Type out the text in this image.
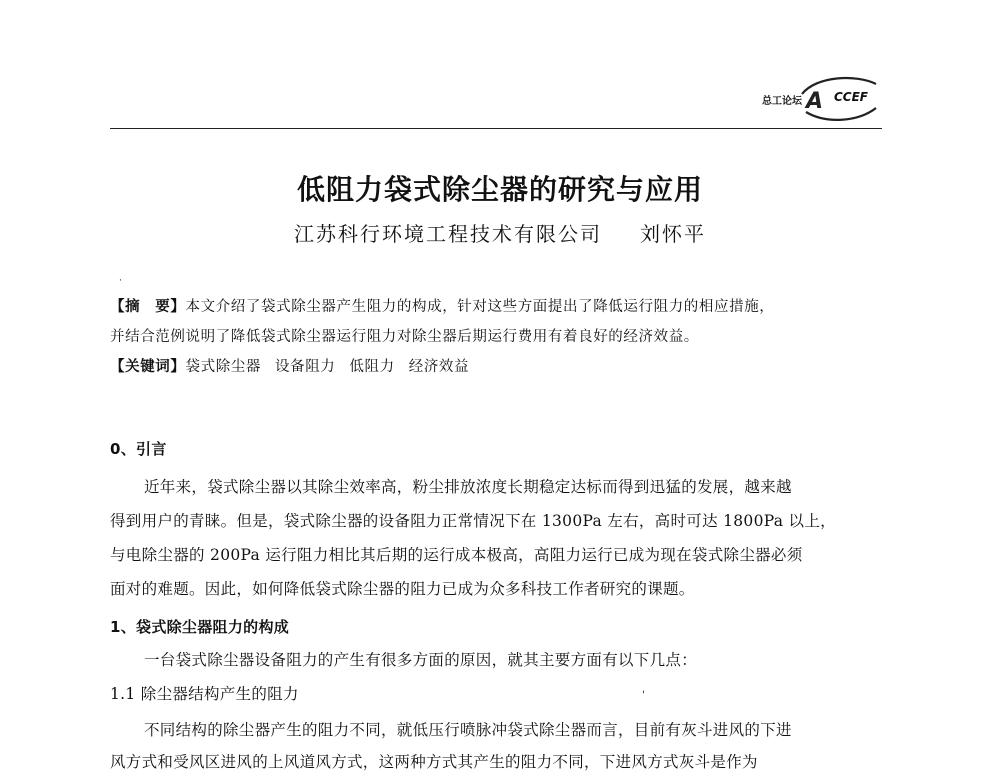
总工论坛 A CCEF
低阻力袋式除尘器的研究与应用
江苏科行环境工程技术有限公司 刘怀平
·

【摘　要】本文介绍了袋式除尘器产生阻力的构成，针对这些方面提出了降低运行阻力的相应措施，

并结合范例说明了降低袋式除尘器运行阻力对除尘器后期运行费用有着良好的经济效益。

【关键词】袋式除尘器 设备阻力 低阻力 经济效益

0、引言

近年来，袋式除尘器以其除尘效率高，粉尘排放浓度长期稳定达标而得到迅猛的发展，越来越

得到用户的青睐。但是，袋式除尘器的设备阻力正常情况下在 1300Pa 左右，高时可达 1800Pa 以上，

与电除尘器的 200Pa 运行阻力相比其后期的运行成本极高，高阻力运行已成为现在袋式除尘器必须

面对的难题。因此，如何降低袋式除尘器的阻力已成为众多科技工作者研究的课题。

1、袋式除尘器阻力的构成
一台袋式除尘器设备阻力的产生有很多方面的原因，就其主要方面有以下几点：
1.1 除尘器结构产生的阻力	'
不同结构的除尘器产生的阻力不同，就低压行喷脉冲袋式除尘器而言，目前有灰斗进风的下进
风方式和受风区进风的上风道风方式，这两种方式其产生的阻力不同，下进风方式灰斗是作为
